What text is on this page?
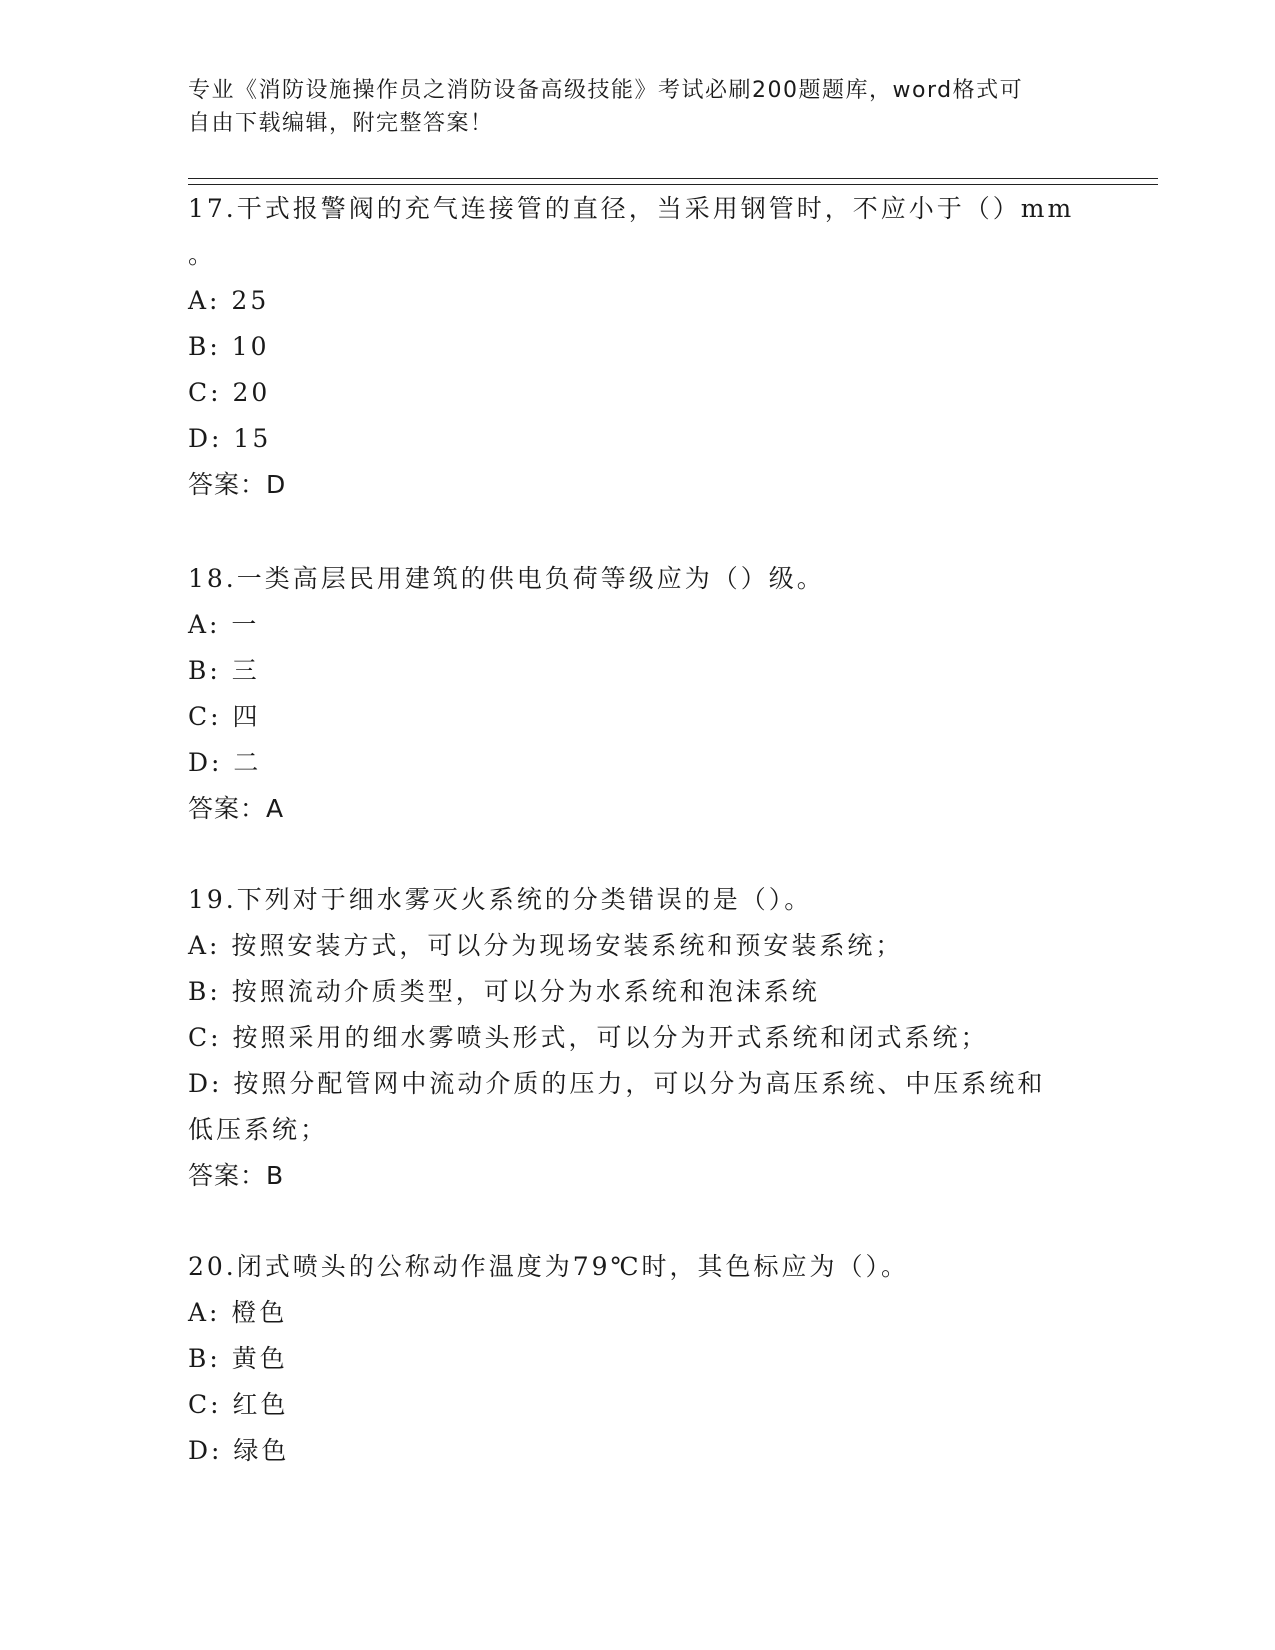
专业《消防设施操作员之消防设备高级技能》考试必刷200题题库，word格式可
自由下载编辑，附完整答案！
17.干式报警阀的充气连接管的直径，当采用钢管时，不应小于（）mm
。
A: 25
B: 10
C: 20
D: 15
答案：D
18.一类高层民用建筑的供电负荷等级应为（）级。
A: 一
B: 三
C: 四
D: 二
答案：A
19.下列对于细水雾灭火系统的分类错误的是（）。
A: 按照安装方式，可以分为现场安装系统和预安装系统；
B: 按照流动介质类型，可以分为水系统和泡沫系统
C: 按照采用的细水雾喷头形式，可以分为开式系统和闭式系统；
D: 按照分配管网中流动介质的压力，可以分为高压系统、中压系统和
低压系统；
答案：B
20.闭式喷头的公称动作温度为79℃时，其色标应为（）。
A: 橙色
B: 黄色
C: 红色
D: 绿色
